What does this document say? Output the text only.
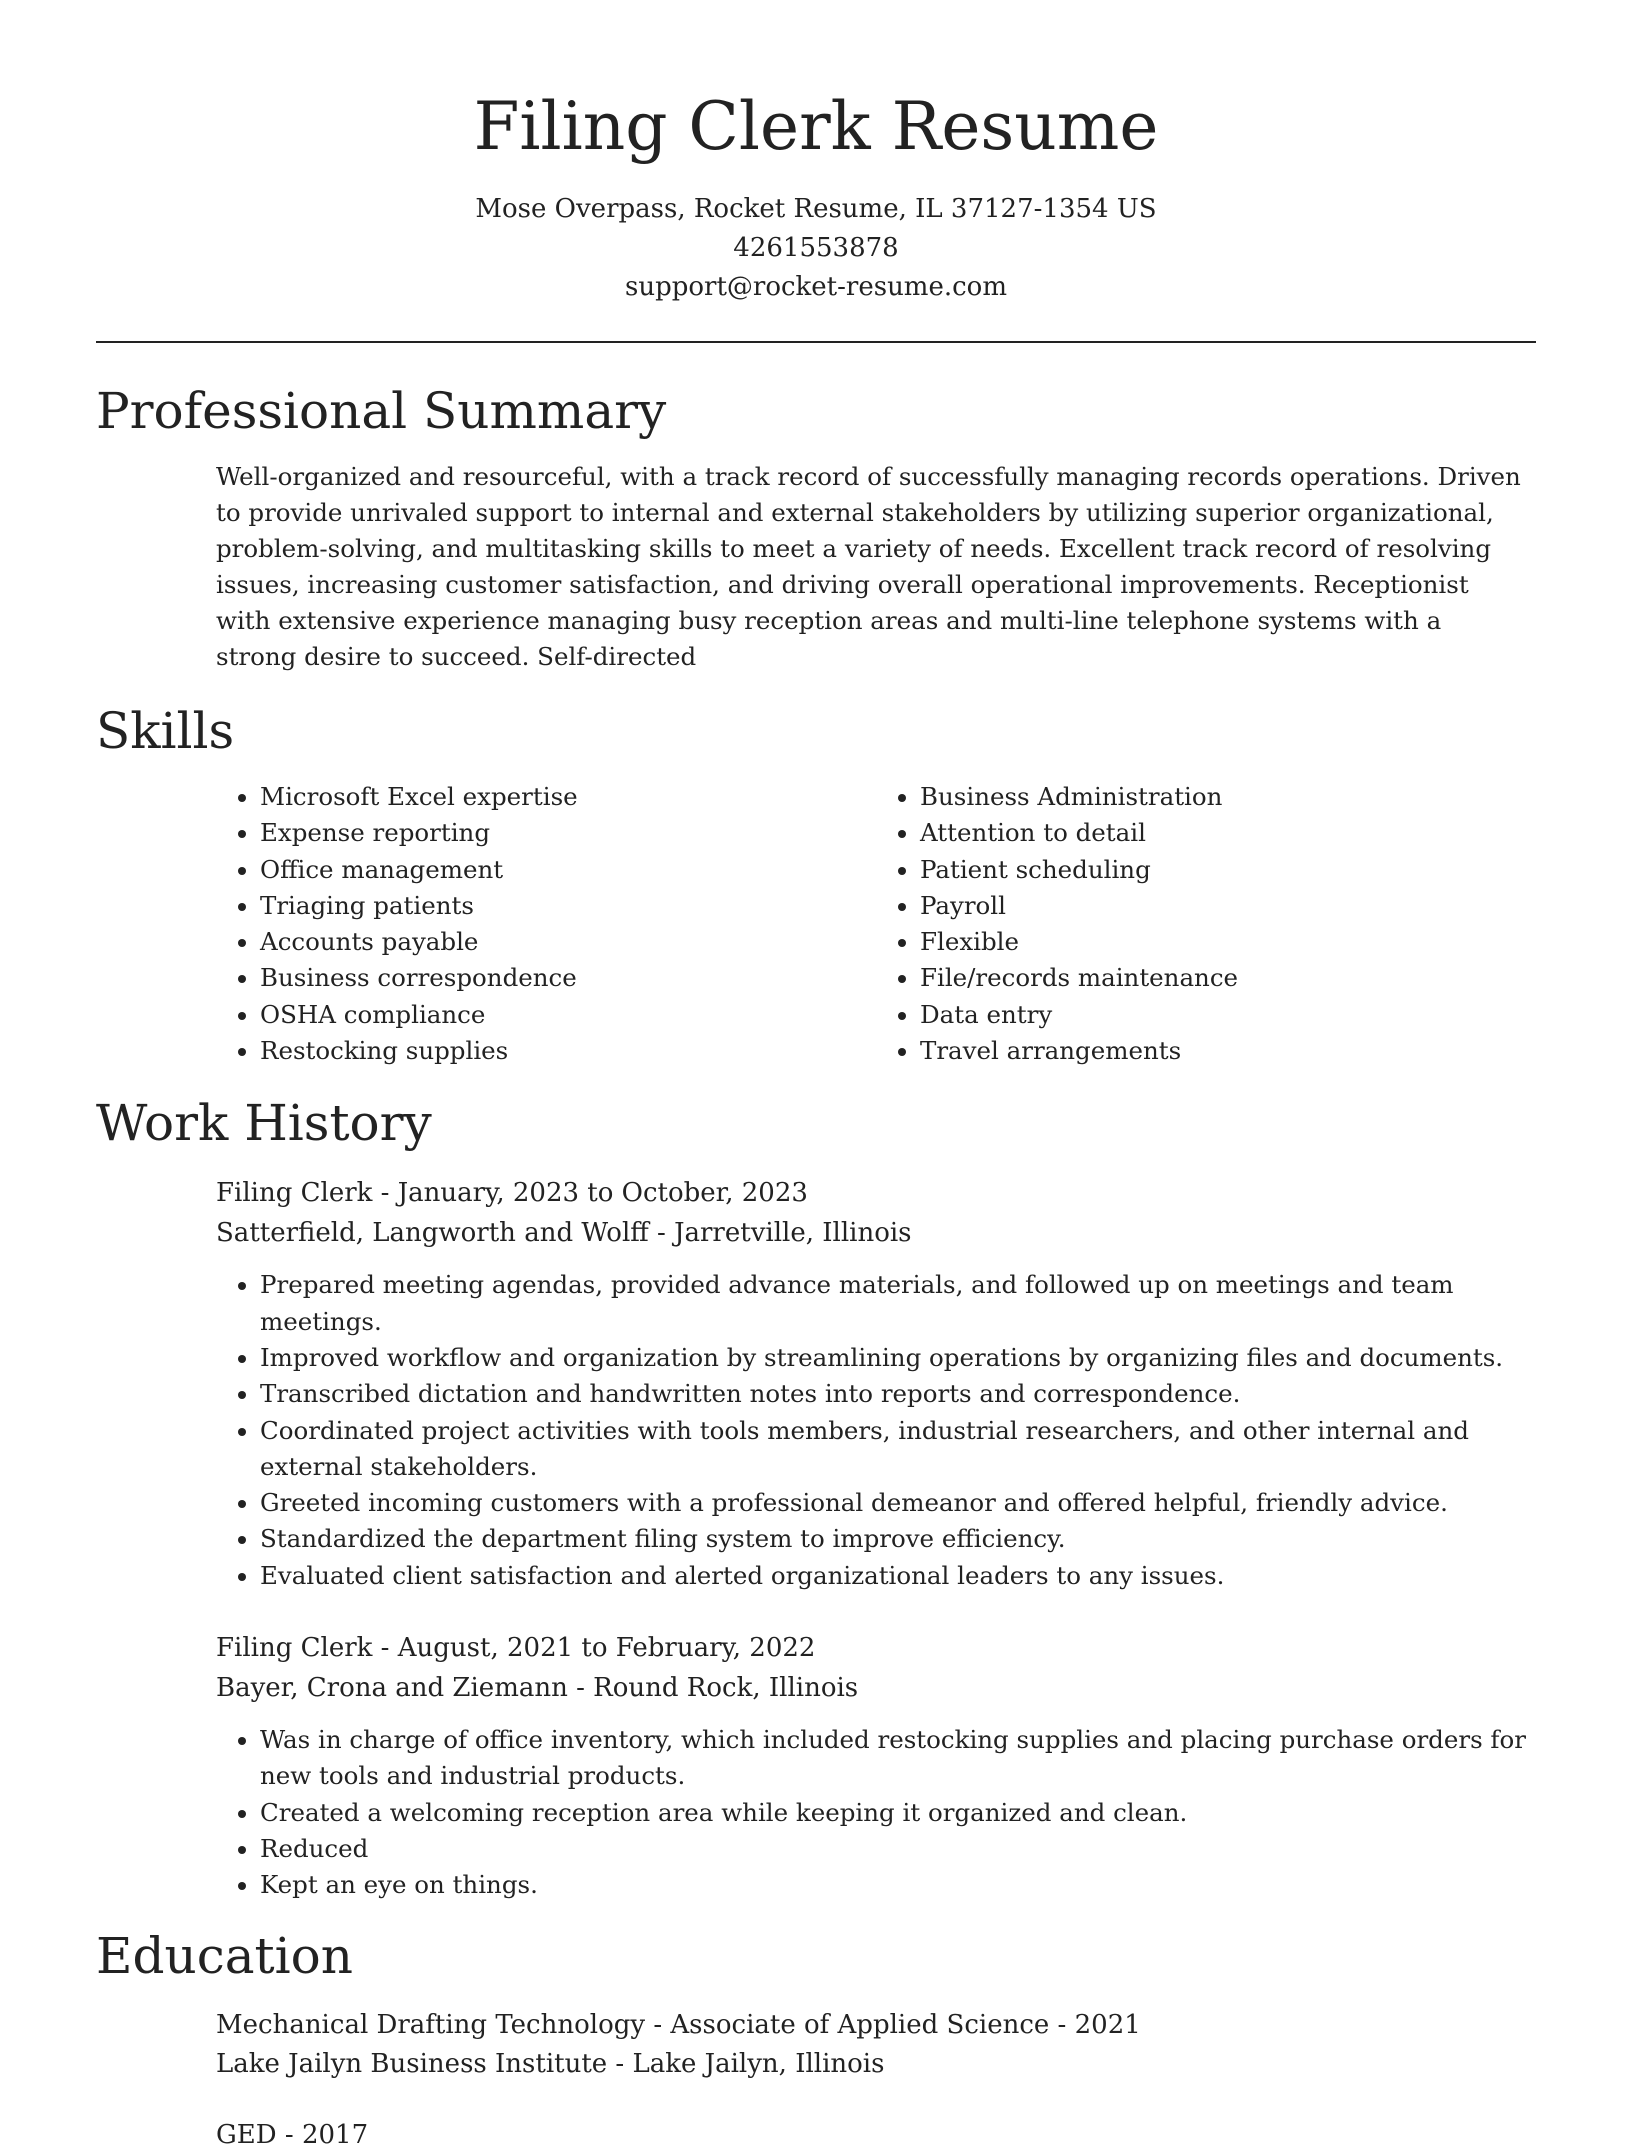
Filing Clerk Resume
Mose Overpass, Rocket Resume, IL 37127-1354 US
4261553878
support@rocket-resume.com
Professional Summary

Well-organized and resourceful, with a track record of successfully managing records operations. Driven to provide unrivaled support to internal and external stakeholders by utilizing superior organizational, problem-solving, and multitasking skills to meet a variety of needs. Excellent track record of resolving issues, increasing customer satisfaction, and driving overall operational improvements. Receptionist with extensive experience managing busy reception areas and multi-line telephone systems with a strong desire to succeed. Self-directed

Skills
• Microsoft Excel expertise
• Expense reporting
• Office management
• Triaging patients
• Accounts payable
• Business correspondence
• OSHA compliance
• Restocking supplies
• Business Administration
• Attention to detail
• Patient scheduling
• Payroll
• Flexible
• File/records maintenance
• Data entry
• Travel arrangements
Work History
Filing Clerk - January, 2023 to October, 2023
Satterfield, Langworth and Wolff - Jarretville, Illinois
• Prepared meeting agendas, provided advance materials, and followed up on meetings and team meetings.
• Improved workflow and organization by streamlining operations by organizing files and documents.
• Transcribed dictation and handwritten notes into reports and correspondence.
• Coordinated project activities with tools members, industrial researchers, and other internal and external stakeholders.
• Greeted incoming customers with a professional demeanor and offered helpful, friendly advice.
• Standardized the department filing system to improve efficiency.
• Evaluated client satisfaction and alerted organizational leaders to any issues.
Filing Clerk - August, 2021 to February, 2022
Bayer, Crona and Ziemann - Round Rock, Illinois
• Was in charge of office inventory, which included restocking supplies and placing purchase orders for new tools and industrial products.
• Created a welcoming reception area while keeping it organized and clean.
• Reduced
• Kept an eye on things.
Education
Mechanical Drafting Technology - Associate of Applied Science - 2021
Lake Jailyn Business Institute - Lake Jailyn, Illinois
GED - 2017
